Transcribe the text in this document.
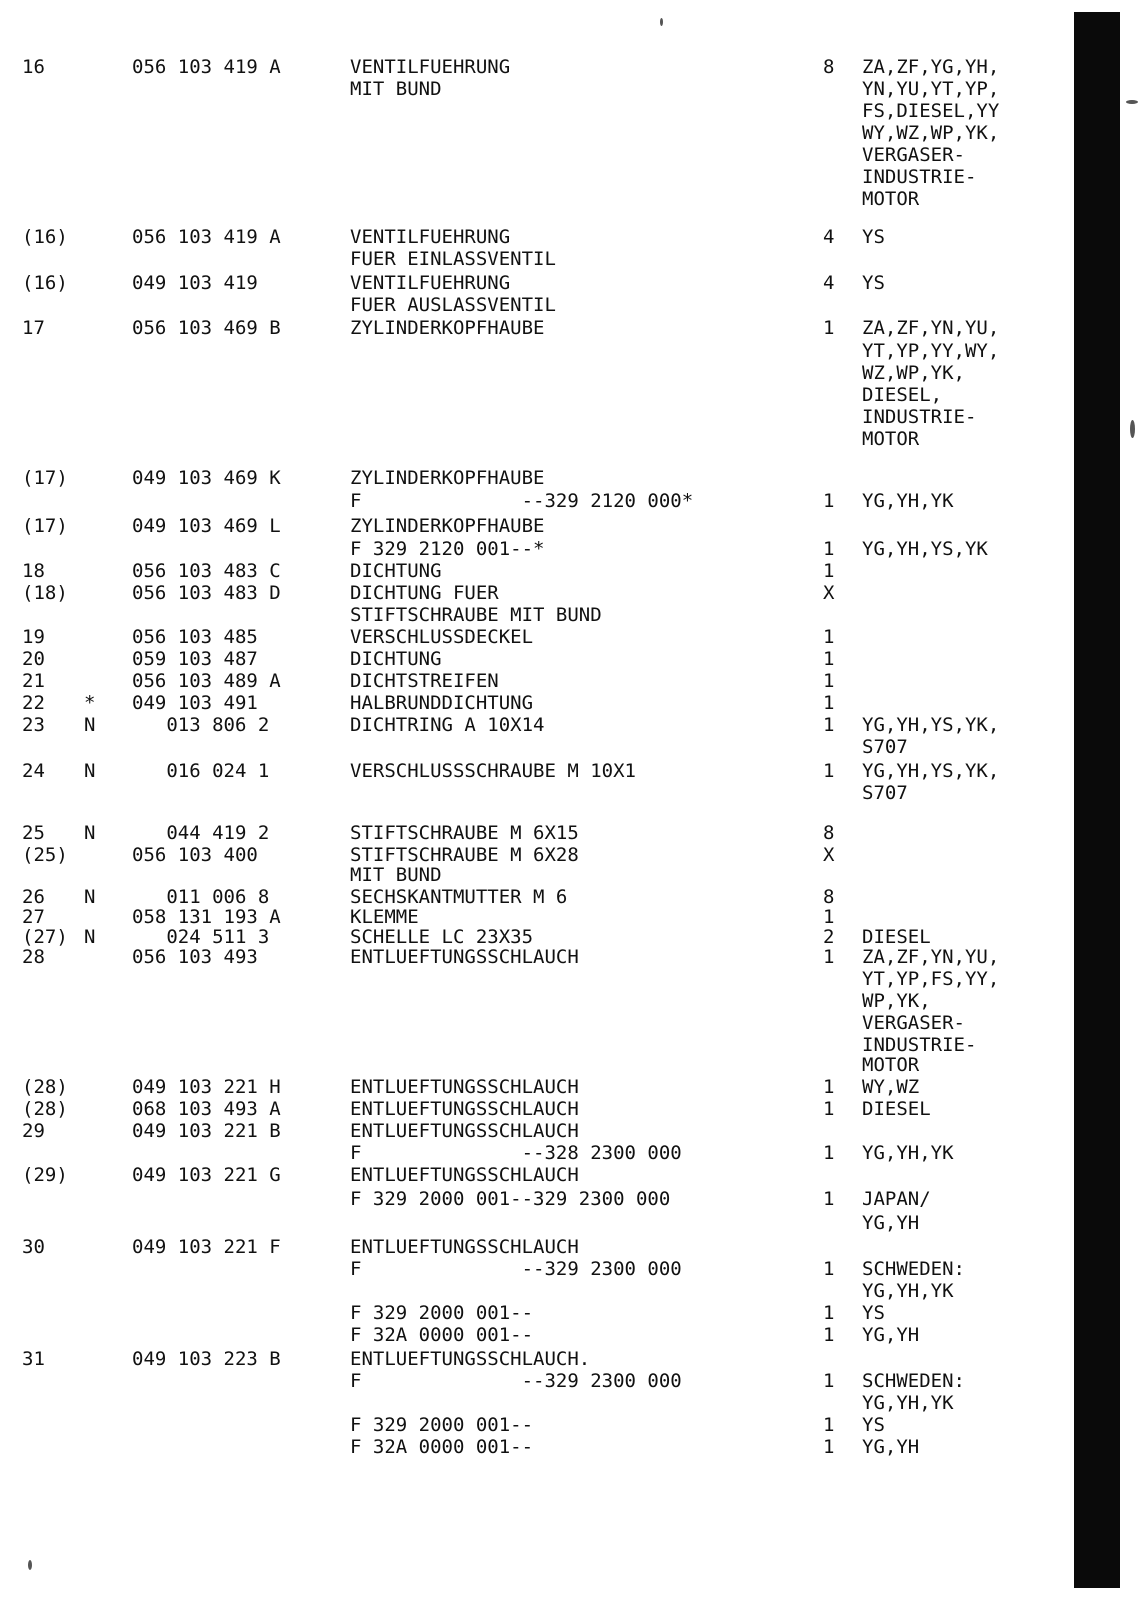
16	056 103 419 A	VENTILFUEHRUNG	8 ZA,ZF,YG,YH,
MIT BUND	YN,YU,YT,YP,
FS,DIESEL,YY
WY,WZ,WP,YK,
VERGASER-
INDUSTRIE-
MOTOR
(16)	056 103 419 A	VENTILFUEHRUNG	4 YS
FUER EINLASSVENTIL
(16)	049 103 419	VENTILFUEHRUNG	4 YS
FUER AUSLASSVENTIL
17	056 103 469 B	ZYLINDERKOPFHAUBE	1 ZA,ZF,YN,YU,
YT,YP,YY,WY,
WZ,WP,YK,
DIESEL,
INDUSTRIE-
MOTOR
(17)	049 103 469 K	ZYLINDERKOPFHAUBE
F              --329 2120 000*	1 YG,YH,YK
(17)	049 103 469 L	ZYLINDERKOPFHAUBE
F 329 2120 001--*	1 YG,YH,YS,YK
18	056 103 483 C	DICHTUNG	1
(18)	056 103 483 D	DICHTUNG FUER	X
STIFTSCHRAUBE MIT BUND
19	056 103 485	VERSCHLUSSDECKEL	1
20	059 103 487	DICHTUNG	1
21	056 103 489 A	DICHTSTREIFEN	1
22 * 049 103 491	HALBRUNDDICHTUNG	1
23 N 013 806 2	DICHTRING A 10X14	1 YG,YH,YS,YK,
S707
24 N 016 024 1	VERSCHLUSSSCHRAUBE M 10X1	1 YG,YH,YS,YK,
S707
25 N 044 419 2	STIFTSCHRAUBE M 6X15	8
(25)	056 103 400	STIFTSCHRAUBE M 6X28	X
MIT BUND
26 N 011 006 8	SECHSKANTMUTTER M 6	8
27	058 131 193 A	KLEMME	1
(27) N 024 511 3	SCHELLE LC 23X35	2 DIESEL
28	056 103 493	ENTLUEFTUNGSSCHLAUCH	1 ZA,ZF,YN,YU,
YT,YP,FS,YY,
WP,YK,
VERGASER-
INDUSTRIE-
MOTOR
(28)	049 103 221 H	ENTLUEFTUNGSSCHLAUCH	1 WY,WZ
(28)	068 103 493 A	ENTLUEFTUNGSSCHLAUCH	1 DIESEL
29	049 103 221 B	ENTLUEFTUNGSSCHLAUCH
F              --328 2300 000	1 YG,YH,YK
(29)	049 103 221 G	ENTLUEFTUNGSSCHLAUCH
F 329 2000 001--329 2300 000	1 JAPAN/
YG,YH
30	049 103 221 F	ENTLUEFTUNGSSCHLAUCH
F              --329 2300 000	1 SCHWEDEN:
YG,YH,YK
F 329 2000 001--	1 YS
F 32A 0000 001--	1 YG,YH
31	049 103 223 B	ENTLUEFTUNGSSCHLAUCH.
F              --329 2300 000	1 SCHWEDEN:
YG,YH,YK
F 329 2000 001--	1 YS
F 32A 0000 001--	1 YG,YH
